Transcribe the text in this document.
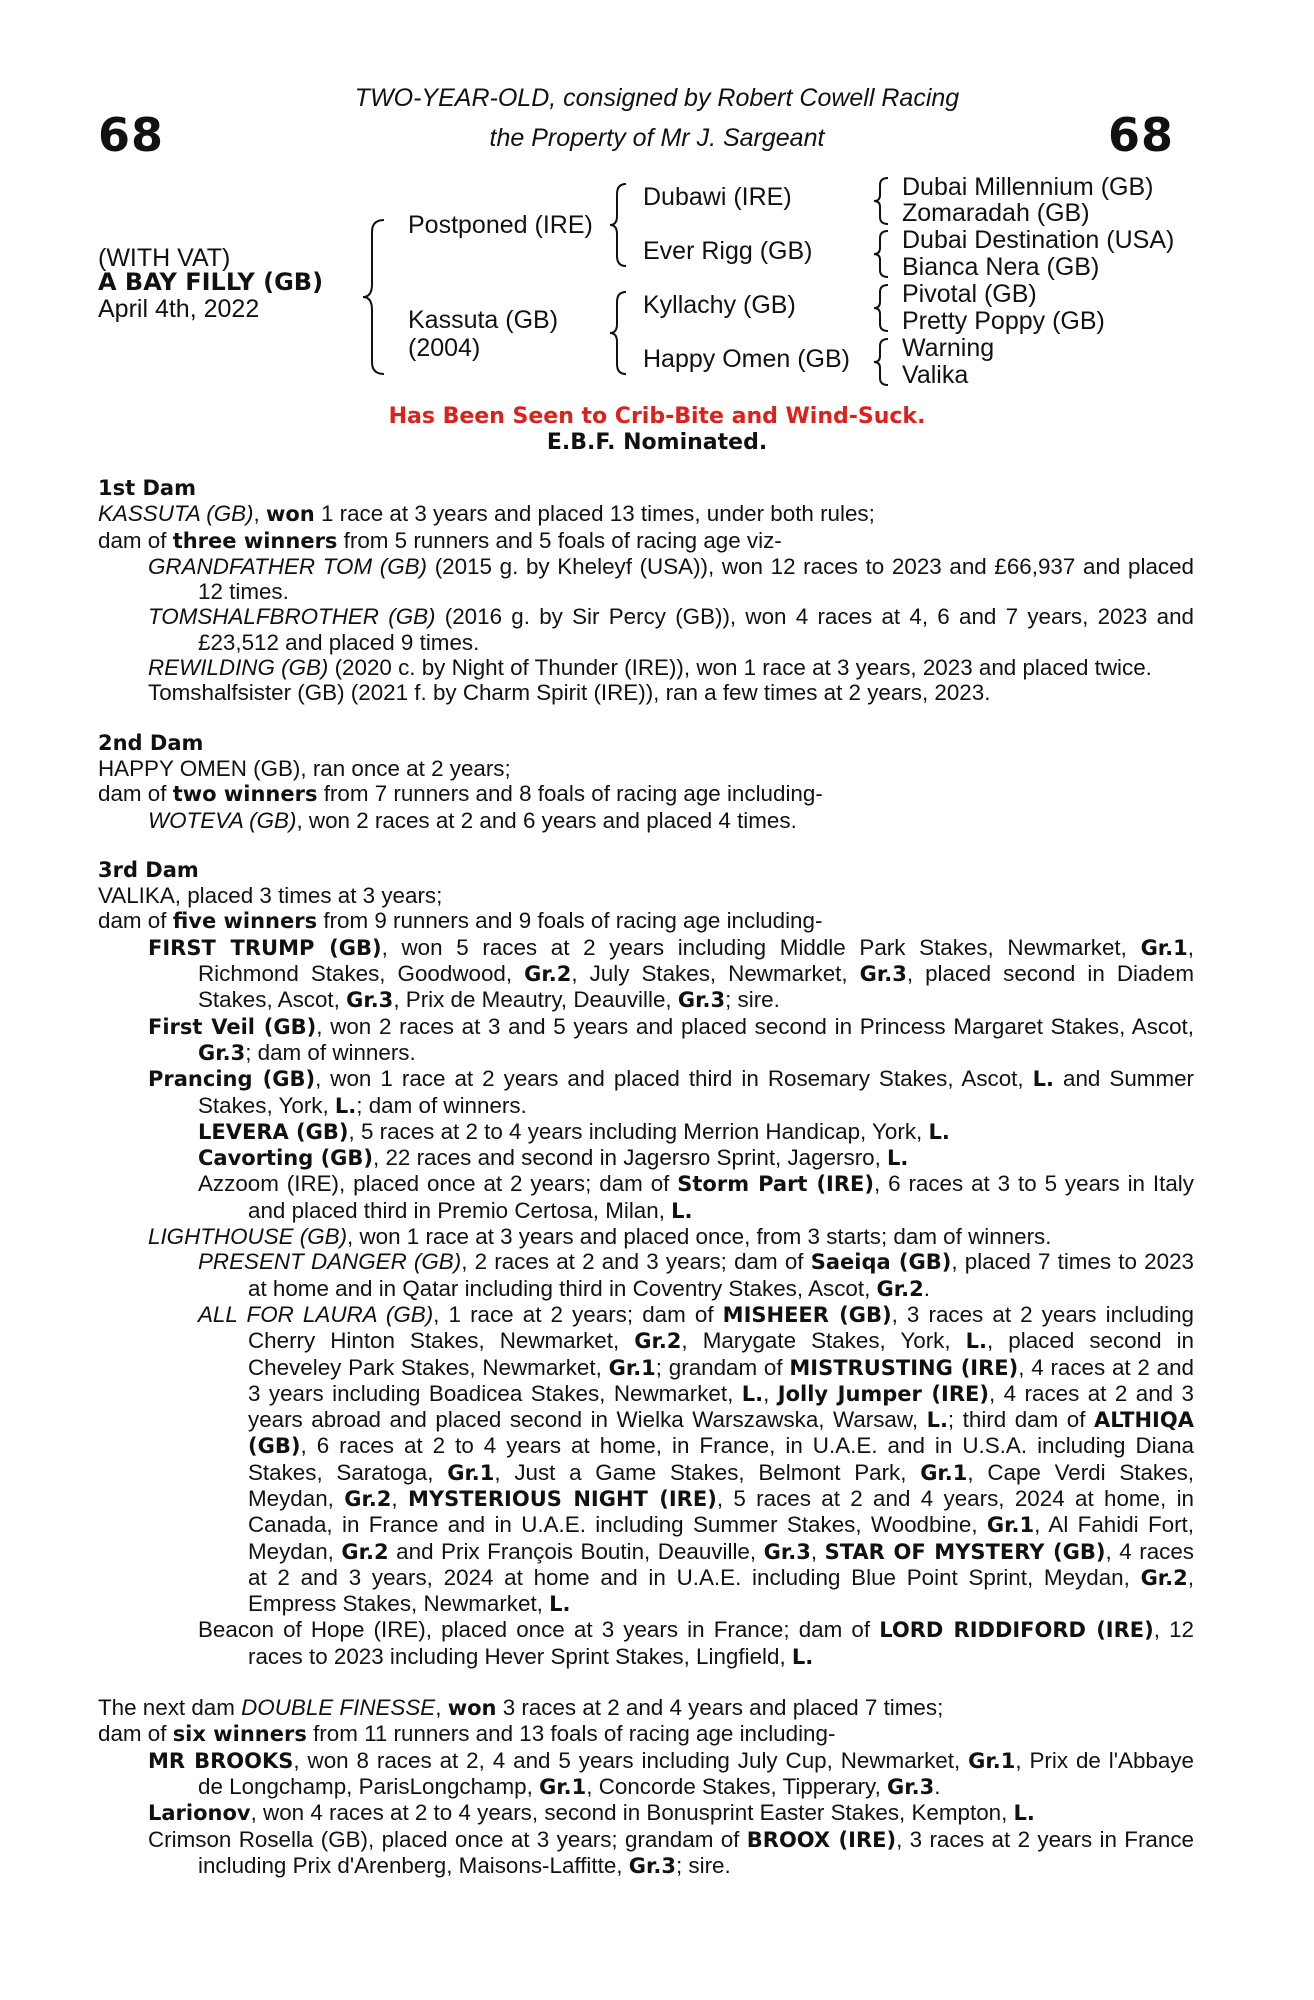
68	68
TWO-YEAR-OLD, consigned by Robert Cowell Racing
the Property of Mr J. Sargeant
(WITH VAT)
A BAY FILLY (GB)
April 4th, 2022
Postponed (IRE)
Kassuta (GB)
(2004)
Dubawi (IRE)
Ever Rigg (GB)
Kyllachy (GB)
Happy Omen (GB)
Dubai Millennium (GB)
Zomaradah (GB)
Dubai Destination (USA)
Bianca Nera (GB)
Pivotal (GB)
Pretty Poppy (GB)
Warning
Valika
Has Been Seen to Crib-Bite and Wind-Suck.
E.B.F. Nominated.

1st Dam

KASSUTA (GB), won 1 race at 3 years and placed 13 times, under both rules;

dam of three winners from 5 runners and 5 foals of racing age viz-

GRANDFATHER TOM (GB) (2015 g. by Kheleyf (USA)), won 12 races to 2023 and £66,937 and placed 12 times.

TOMSHALFBROTHER (GB) (2016 g. by Sir Percy (GB)), won 4 races at 4, 6 and 7 years, 2023 and £23,512 and placed 9 times.

REWILDING (GB) (2020 c. by Night of Thunder (IRE)), won 1 race at 3 years, 2023 and placed twice.

Tomshalfsister (GB) (2021 f. by Charm Spirit (IRE)), ran a few times at 2 years, 2023.

2nd Dam

HAPPY OMEN (GB), ran once at 2 years;

dam of two winners from 7 runners and 8 foals of racing age including-

WOTEVA (GB), won 2 races at 2 and 6 years and placed 4 times.

3rd Dam

VALIKA, placed 3 times at 3 years;

dam of five winners from 9 runners and 9 foals of racing age including-

FIRST TRUMP (GB), won 5 races at 2 years including Middle Park Stakes, Newmarket, Gr.1, Richmond Stakes, Goodwood, Gr.2, July Stakes, Newmarket, Gr.3, placed second in Diadem Stakes, Ascot, Gr.3, Prix de Meautry, Deauville, Gr.3; sire.

First Veil (GB), won 2 races at 3 and 5 years and placed second in Princess Margaret Stakes, Ascot, Gr.3; dam of winners.

Prancing (GB), won 1 race at 2 years and placed third in Rosemary Stakes, Ascot, L. and Summer Stakes, York, L.; dam of winners.

LEVERA (GB), 5 races at 2 to 4 years including Merrion Handicap, York, L.

Cavorting (GB), 22 races and second in Jagersro Sprint, Jagersro, L.

Azzoom (IRE), placed once at 2 years; dam of Storm Part (IRE), 6 races at 3 to 5 years in Italy and placed third in Premio Certosa, Milan, L.

LIGHTHOUSE (GB), won 1 race at 3 years and placed once, from 3 starts; dam of winners.

PRESENT DANGER (GB), 2 races at 2 and 3 years; dam of Saeiqa (GB), placed 7 times to 2023 at home and in Qatar including third in Coventry Stakes, Ascot, Gr.2.

ALL FOR LAURA (GB), 1 race at 2 years; dam of MISHEER (GB), 3 races at 2 years including Cherry Hinton Stakes, Newmarket, Gr.2, Marygate Stakes, York, L., placed second in Cheveley Park Stakes, Newmarket, Gr.1; grandam of MISTRUSTING (IRE), 4 races at 2 and 3 years including Boadicea Stakes, Newmarket, L., Jolly Jumper (IRE), 4 races at 2 and 3 years abroad and placed second in Wielka Warszawska, Warsaw, L.; third dam of ALTHIQA (GB), 6 races at 2 to 4 years at home, in France, in U.A.E. and in U.S.A. including Diana Stakes, Saratoga, Gr.1, Just a Game Stakes, Belmont Park, Gr.1, Cape Verdi Stakes, Meydan, Gr.2, MYSTERIOUS NIGHT (IRE), 5 races at 2 and 4 years, 2024 at home, in Canada, in France and in U.A.E. including Summer Stakes, Woodbine, Gr.1, Al Fahidi Fort, Meydan, Gr.2 and Prix François Boutin, Deauville, Gr.3, STAR OF MYSTERY (GB), 4 races at 2 and 3 years, 2024 at home and in U.A.E. including Blue Point Sprint, Meydan, Gr.2, Empress Stakes, Newmarket, L.

Beacon of Hope (IRE), placed once at 3 years in France; dam of LORD RIDDIFORD (IRE), 12 races to 2023 including Hever Sprint Stakes, Lingfield, L.

The next dam DOUBLE FINESSE, won 3 races at 2 and 4 years and placed 7 times;

dam of six winners from 11 runners and 13 foals of racing age including-

MR BROOKS, won 8 races at 2, 4 and 5 years including July Cup, Newmarket, Gr.1, Prix de l'Abbaye de Longchamp, ParisLongchamp, Gr.1, Concorde Stakes, Tipperary, Gr.3.

Larionov, won 4 races at 2 to 4 years, second in Bonusprint Easter Stakes, Kempton, L.

Crimson Rosella (GB), placed once at 3 years; grandam of BROOX (IRE), 3 races at 2 years in France including Prix d'Arenberg, Maisons-Laffitte, Gr.3; sire.
